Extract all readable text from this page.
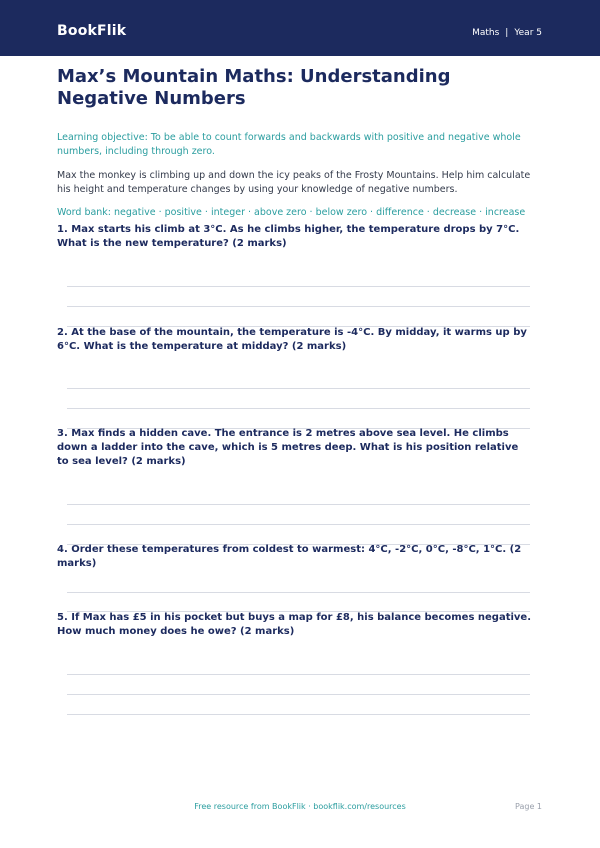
BookFlik	Maths | Year 5
Max’s Mountain Maths: Understanding Negative Numbers
Learning objective: To be able to count forwards and backwards with positive and negative whole numbers, including through zero.
Max the monkey is climbing up and down the icy peaks of the Frosty Mountains. Help him calculate his height and temperature changes by using your knowledge of negative numbers.
Word bank: negative · positive · integer · above zero · below zero · difference · decrease · increase
1. Max starts his climb at 3°C. As he climbs higher, the temperature drops by 7°C. What is the new temperature? (2 marks)
2. At the base of the mountain, the temperature is -4°C. By midday, it warms up by 6°C. What is the temperature at midday? (2 marks)
3. Max finds a hidden cave. The entrance is 2 metres above sea level. He climbs down a ladder into the cave, which is 5 metres deep. What is his position relative to sea level? (2 marks)
4. Order these temperatures from coldest to warmest: 4°C, -2°C, 0°C, -8°C, 1°C. (2 marks)
5. If Max has £5 in his pocket but buys a map for £8, his balance becomes negative. How much money does he owe? (2 marks)
Free resource from BookFlik · bookflik.com/resources	Page 1
